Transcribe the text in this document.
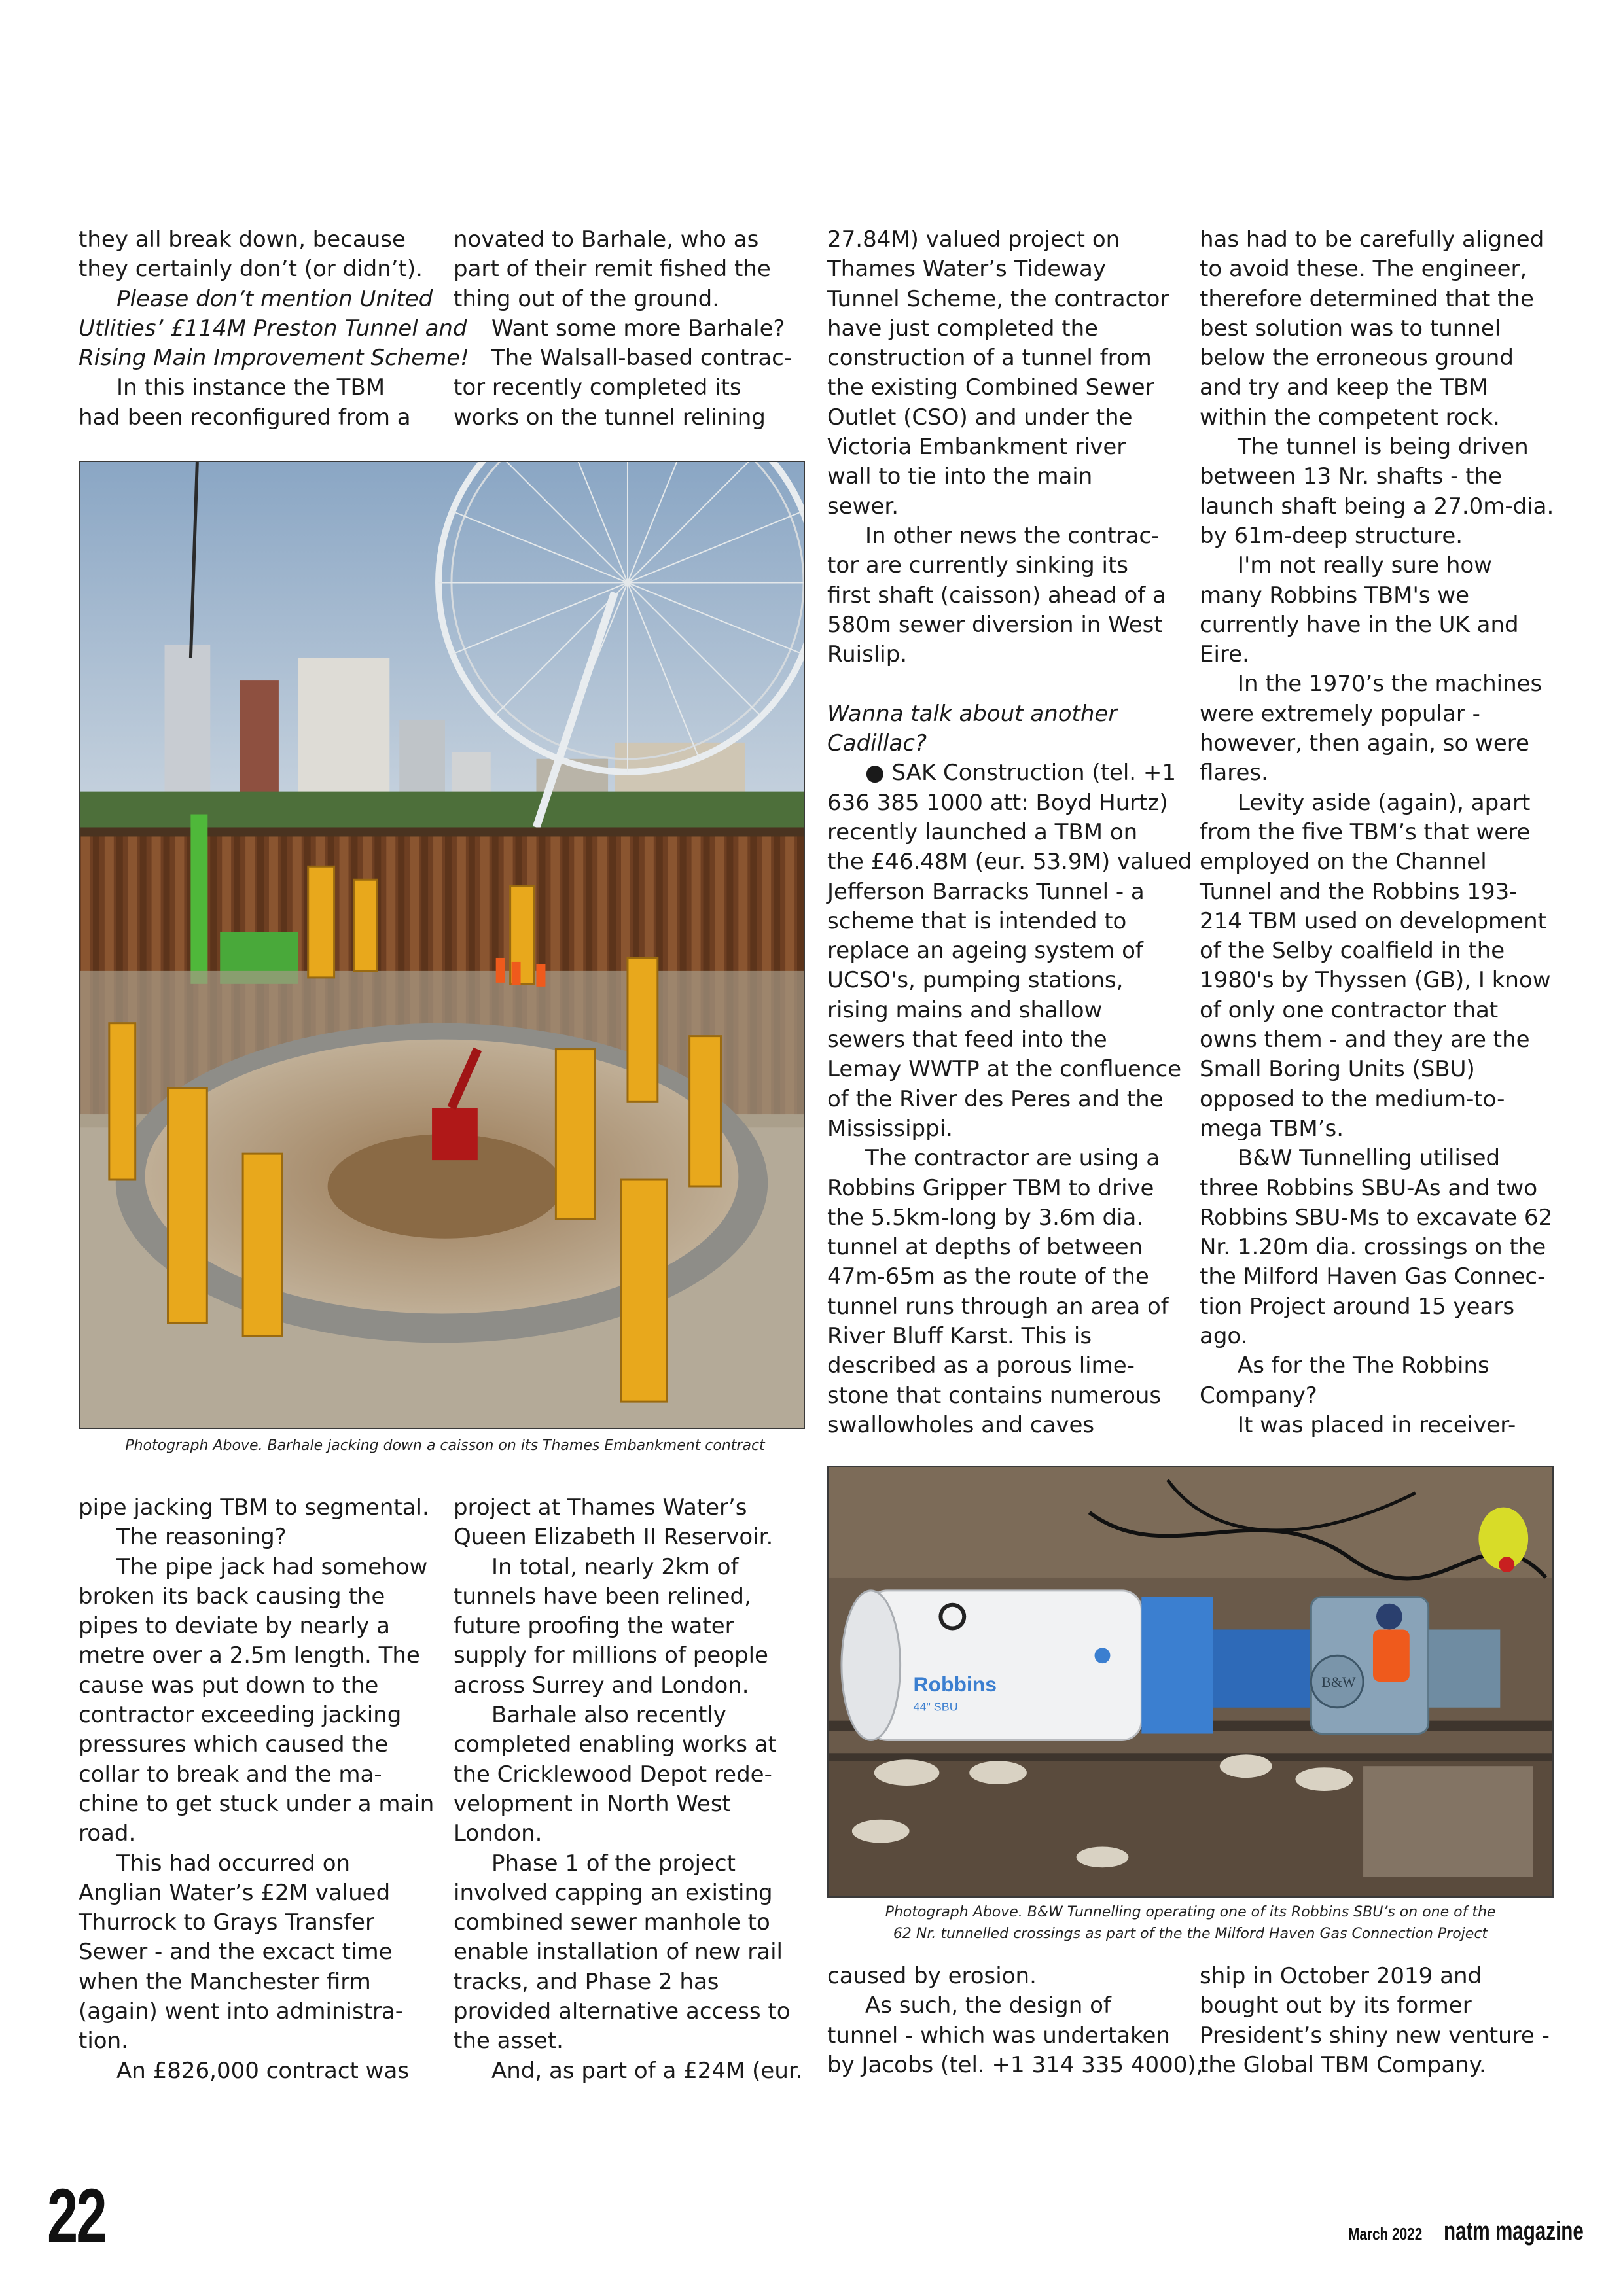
they all break down, because

they certainly don’t (or didn’t).

Please don’t mention United

Utlities’ £114M Preston Tunnel and

Rising Main Improvement Scheme!

In this instance the TBM

had been reconfigured from a

novated to Barhale, who as

part of their remit fished the

thing out of the ground.

Want some more Barhale?

The Walsall-based contrac-

tor recently completed its

works on the tunnel relining

27.84M) valued project on

Thames Water’s Tideway

Tunnel Scheme, the contractor

have just completed the

construction of a tunnel from

the existing Combined Sewer

Outlet (CSO) and under the

Victoria Embankment river

wall to tie into the main

sewer.

In other news the contrac-

tor are currently sinking its

first shaft (caisson) ahead of a

580m sewer diversion in West

Ruislip.

Wanna talk about another

Cadillac?

● SAK Construction (tel. +1

636 385 1000 att: Boyd Hurtz)

recently launched a TBM on

the £46.48M (eur. 53.9M) valued

Jefferson Barracks Tunnel - a

scheme that is intended to

replace an ageing system of

UCSO's, pumping stations,

rising mains and shallow

sewers that feed into the

Lemay WWTP at the confluence

of the River des Peres and the

Mississippi.

The contractor are using a

Robbins Gripper TBM to drive

the 5.5km-long by 3.6m dia.

tunnel at depths of between

47m-65m as the route of the

tunnel runs through an area of

River Bluff Karst. This is

described as a porous lime-

stone that contains numerous

swallowholes and caves

has had to be carefully aligned

to avoid these. The engineer,

therefore determined that the

best solution was to tunnel

below the erroneous ground

and try and keep the TBM

within the competent rock.

The tunnel is being driven

between 13 Nr. shafts - the

launch shaft being a 27.0m-dia.

by 61m-deep structure.

I'm not really sure how

many Robbins TBM's we

currently have in the UK and

Eire.

In the 1970’s the machines

were extremely popular -

however, then again, so were

flares.

Levity aside (again), apart

from the five TBM’s that were

employed on the Channel

Tunnel and the Robbins 193-

214 TBM used on development

of the Selby coalfield in the

1980's by Thyssen (GB), I know

of only one contractor that

owns them - and they are the

Small Boring Units (SBU)

opposed to the medium-to-

mega TBM’s.

B&W Tunnelling utilised

three Robbins SBU-As and two

Robbins SBU-Ms to excavate 62

Nr. 1.20m dia. crossings on the

the Milford Haven Gas Connec-

tion Project around 15 years

ago.

As for the The Robbins

Company?

It was placed in receiver-

Photograph Above. Barhale jacking down a caisson on its Thames Embankment contract

Robbins
44" SBU
B&W

Photograph Above. B&W Tunnelling operating one of its Robbins SBU’s on one of the
62 Nr. tunnelled crossings as part of the the Milford Haven Gas Connection Project

pipe jacking TBM to segmental.

The reasoning?

The pipe jack had somehow

broken its back causing the

pipes to deviate by nearly a

metre over a 2.5m length. The

cause was put down to the

contractor exceeding jacking

pressures which caused the

collar to break and the ma-

chine to get stuck under a main

road.

This had occurred on

Anglian Water’s £2M valued

Thurrock to Grays Transfer

Sewer - and the excact time

when the Manchester firm

(again) went into administra-

tion.

An £826,000 contract was

project at Thames Water’s

Queen Elizabeth II Reservoir.

In total, nearly 2km of

tunnels have been relined,

future proofing the water

supply for millions of people

across Surrey and London.

Barhale also recently

completed enabling works at

the Cricklewood Depot rede-

velopment in North West

London.

Phase 1 of the project

involved capping an existing

combined sewer manhole to

enable installation of new rail

tracks, and Phase 2 has

provided alternative access to

the asset.

And, as part of a £24M (eur.

caused by erosion.

As such, the design of

tunnel - which was undertaken

by Jacobs (tel. +1 314 335 4000),

ship in October 2019 and

bought out by its former

President’s shiny new venture -

the Global TBM Company.

22	March 2022 natm magazine
